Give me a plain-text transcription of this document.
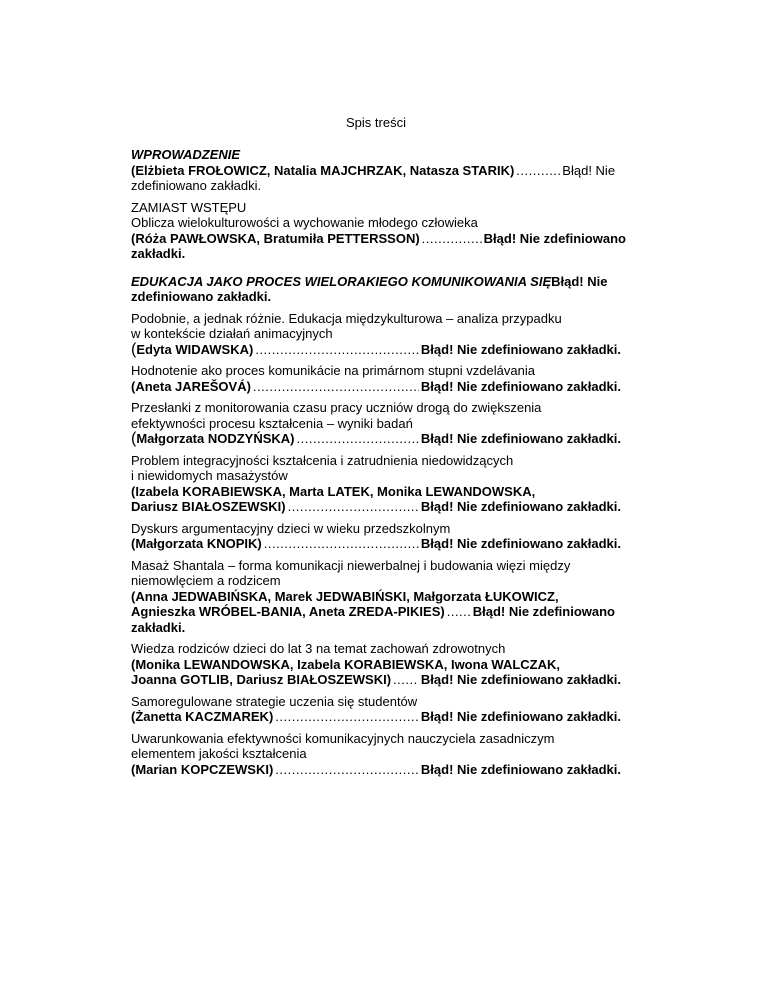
Spis treści
WPROWADZENIE
(Elżbieta FROŁOWICZ, Natalia MAJCHRZAK, Natasza STARIK) .....	Błąd! Nie
zdefiniowano zakładki.
ZAMIAST WSTĘPU
Oblicza wielokulturowości a wychowanie młodego człowieka
(Róża PAWŁOWSKA, Bratumiła PETTERSSON) .....	Błąd! Nie zdefiniowano
zakładki.
EDUKACJA JAKO PROCES WIELORAKIEGO KOMUNIKOWANIA SIĘ Błąd! Nie
zdefiniowano zakładki.
Podobnie, a jednak różnie. Edukacja międzykulturowa – analiza przypadku
w kontekście działań animacyjnych
(Edyta WIDAWSKA) .....	Błąd! Nie zdefiniowano zakładki.
Hodnotenie ako proces komunikácie na primárnom stupni vzdelávania
(Aneta JAREŠOVÁ) .....	Błąd! Nie zdefiniowano zakładki.
Przesłanki z monitorowania czasu pracy uczniów drogą do zwiększenia
efektywności procesu kształcenia – wyniki badań
(Małgorzata NODZYŃSKA) .....	Błąd! Nie zdefiniowano zakładki.
Problem integracyjności kształcenia i zatrudnienia niedowidzących
i niewidomych masażystów
(Izabela KORABIEWSKA, Marta LATEK, Monika LEWANDOWSKA,
Dariusz BIAŁOSZEWSKI) .....	Błąd! Nie zdefiniowano zakładki.
Dyskurs argumentacyjny dzieci w wieku przedszkolnym
(Małgorzata KNOPIK) .....	Błąd! Nie zdefiniowano zakładki.
Masaż Shantala – forma komunikacji niewerbalnej i budowania więzi między
niemowlęciem a rodzicem
(Anna JEDWABIŃSKA, Marek JEDWABIŃSKI, Małgorzata ŁUKOWICZ,
Agnieszka WRÓBEL-BANIA, Aneta ZREDA-PIKIES) ..... Błąd! Nie zdefiniowano
zakładki.
Wiedza rodziców dzieci do lat 3 na temat zachowań zdrowotnych
(Monika LEWANDOWSKA, Izabela KORABIEWSKA, Iwona WALCZAK,
Joanna GOTLIB, Dariusz BIAŁOSZEWSKI) ..... Błąd! Nie zdefiniowano zakładki.
Samoregulowane strategie uczenia się studentów
(Żanetta KACZMAREK) .....	Błąd! Nie zdefiniowano zakładki.
Uwarunkowania efektywności komunikacyjnych nauczyciela zasadniczym
elementem jakości kształcenia
(Marian KOPCZEWSKI) .....	Błąd! Nie zdefiniowano zakładki.
